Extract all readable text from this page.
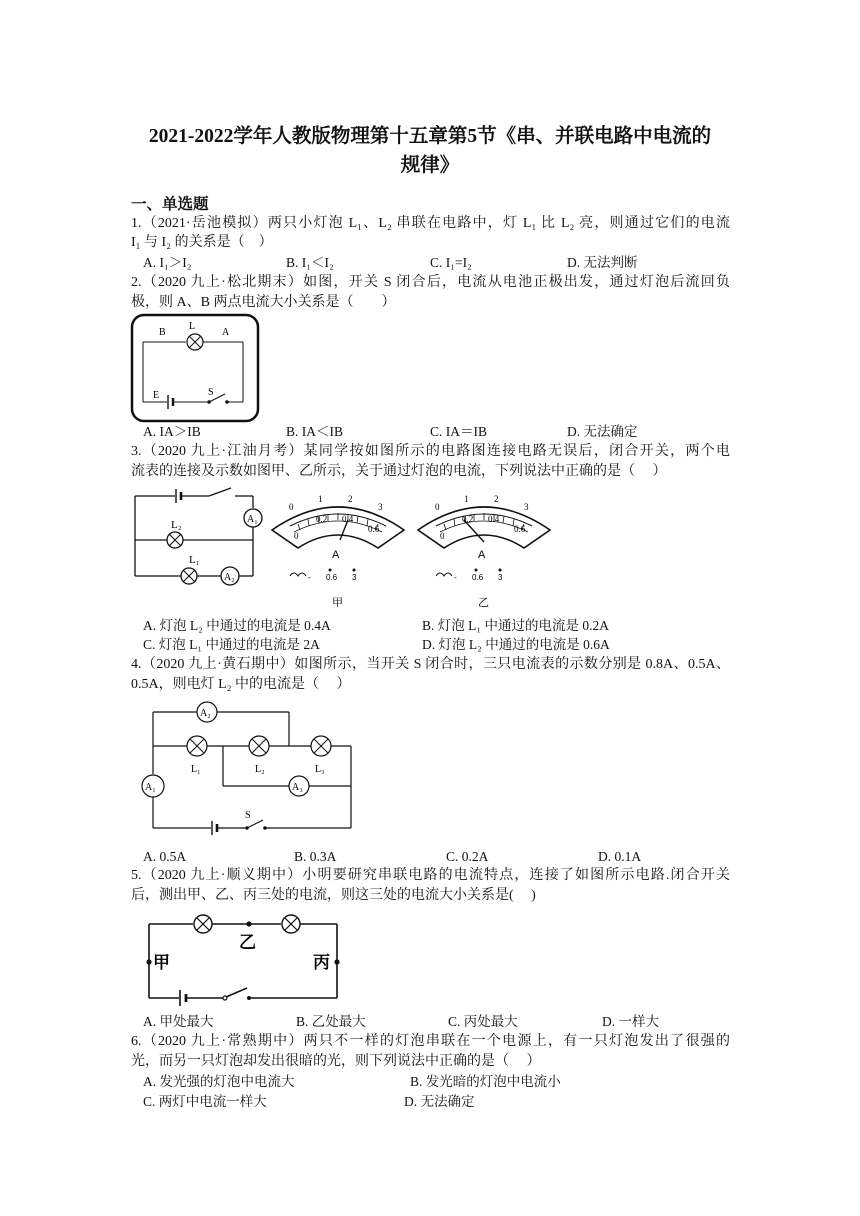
2021-2022学年人教版物理第十五章第5节《串、并联电路中电流的
规律》
一、单选题
1.（2021·岳池模拟）两只小灯泡 L₁、L₂ 串联在电路中，灯 L₁ 比 L₂ 亮，则通过它们的电流
I₁ 与 I₂ 的关系是（　）
A. I₁＞I₂	B. I₁＜I₂	C. I₁=I₂	D. 无法判断
2.（2020 九上·松北期末）如图，开关 S 闭合后，电流从电池正极出发，通过灯泡后流回负
极，则 A、B 两点电流大小关系是（　　）
B
L
A
E	S
A. IA＞IB	B. IA＜IB	C. IA＝IB	D. 无法确定
3.（2020 九上·江油月考）某同学按如图所示的电路图连接电路无误后，闭合开关，两个电
流表的连接及示数如图甲、乙所示，关于通过灯泡的电流，下列说法中正确的是（　 ）
A₁
L₂
L₁
A₂
0
1	2
3
0
0.2 0.4
0.6
A
- 0.6 3
甲
0
1	2
3
0
0.2 0.4
0.6
A
- 0.6 3
乙
A. 灯泡 L₂ 中通过的电流是 0.4A	B. 灯泡 L₁ 中通过的电流是 0.2A
C. 灯泡 L₁ 中通过的电流是 2A	D. 灯泡 L₂ 中通过的电流是 0.6A
4.（2020 九上·黄石期中）如图所示，当开关 S 闭合时，三只电流表的示数分别是 0.8A、0.5A、
0.5A，则电灯 L₂ 中的电流是（　 ）
A₂
L₁	L₂	L₃
A₃
A₁
S
A. 0.5A	B. 0.3A	C. 0.2A	D. 0.1A
5.（2020 九上·顺义期中）小明要研究串联电路的电流特点，连接了如图所示电路.闭合开关
后，测出甲、乙、丙三处的电流，则这三处的电流大小关系是(　 )
甲
乙
丙
A. 甲处最大	B. 乙处最大	C. 丙处最大	D. 一样大
6.（2020 九上·常熟期中）两只不一样的灯泡串联在一个电源上，有一只灯泡发出了很强的
光，而另一只灯泡却发出很暗的光，则下列说法中正确的是（　 ）
A. 发光强的灯泡中电流大	B. 发光暗的灯泡中电流小
C. 两灯中电流一样大	D. 无法确定
